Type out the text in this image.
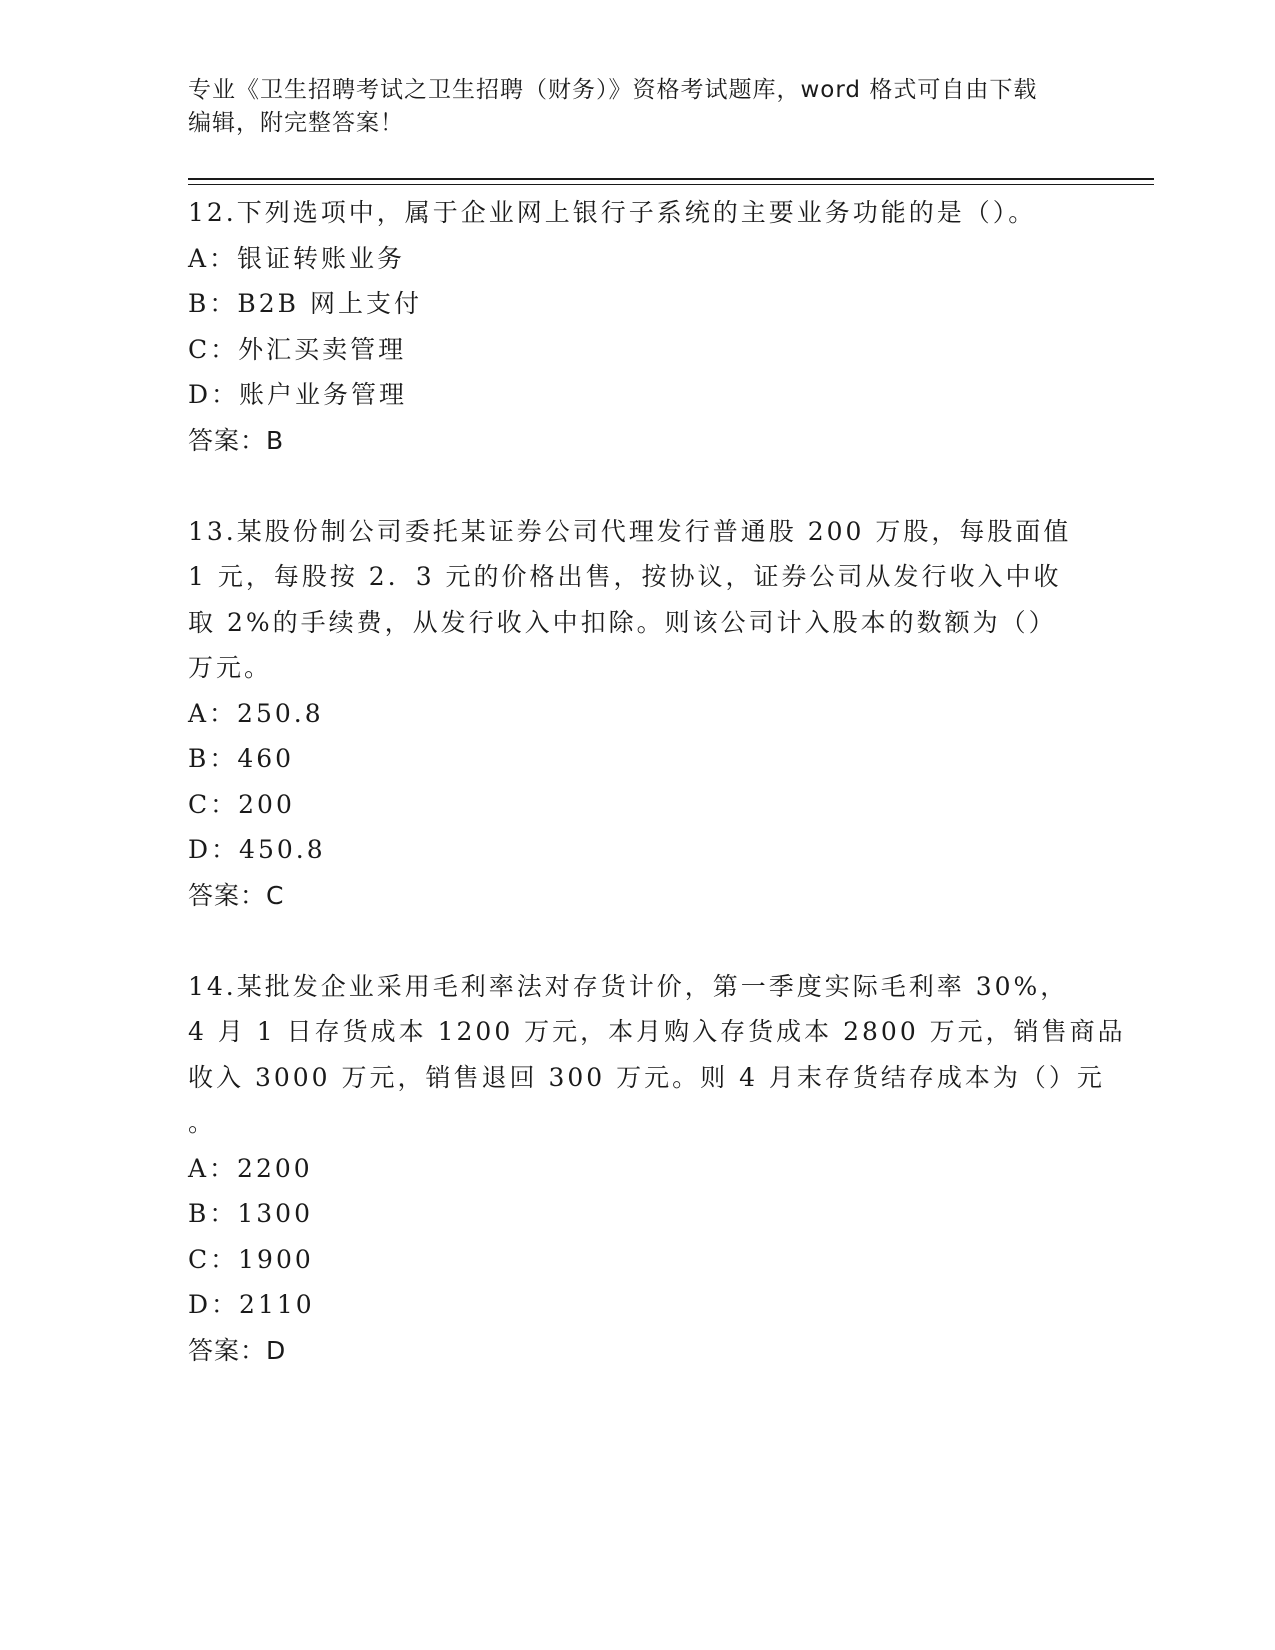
专业《卫生招聘考试之卫生招聘（财务）》资格考试题库，word 格式可自由下载
编辑，附完整答案！
12.下列选项中，属于企业网上银行子系统的主要业务功能的是（）。
A：银证转账业务
B：B2B 网上支付
C：外汇买卖管理
D：账户业务管理
答案：B
13.某股份制公司委托某证券公司代理发行普通股 200 万股，每股面值
1 元，每股按 2．3 元的价格出售，按协议，证券公司从发行收入中收
取 2%的手续费，从发行收入中扣除。则该公司计入股本的数额为（）
万元。
A：250.8
B：460
C：200
D：450.8
答案：C
14.某批发企业采用毛利率法对存货计价，第一季度实际毛利率 30%，
4 月 1 日存货成本 1200 万元，本月购入存货成本 2800 万元，销售商品
收入 3000 万元，销售退回 300 万元。则 4 月末存货结存成本为（）元
。
A：2200
B：1300
C：1900
D：2110
答案：D
